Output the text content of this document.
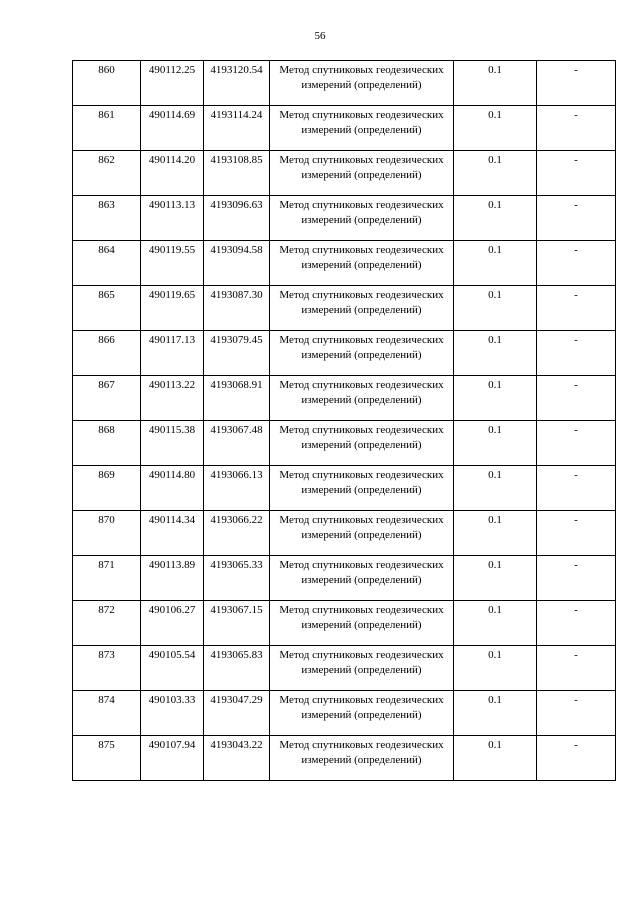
56
860	490112.25	4193120.54	Метод спутниковых геодезических измерений (определений)	0.1	-
861	490114.69	4193114.24	Метод спутниковых геодезических измерений (определений)	0.1	-
862	490114.20	4193108.85	Метод спутниковых геодезических измерений (определений)	0.1	-
863	490113.13	4193096.63	Метод спутниковых геодезических измерений (определений)	0.1	-
864	490119.55	4193094.58	Метод спутниковых геодезических измерений (определений)	0.1	-
865	490119.65	4193087.30	Метод спутниковых геодезических измерений (определений)	0.1	-
866	490117.13	4193079.45	Метод спутниковых геодезических измерений (определений)	0.1	-
867	490113.22	4193068.91	Метод спутниковых геодезических измерений (определений)	0.1	-
868	490115.38	4193067.48	Метод спутниковых геодезических измерений (определений)	0.1	-
869	490114.80	4193066.13	Метод спутниковых геодезических измерений (определений)	0.1	-
870	490114.34	4193066.22	Метод спутниковых геодезических измерений (определений)	0.1	-
871	490113.89	4193065.33	Метод спутниковых геодезических измерений (определений)	0.1	-
872	490106.27	4193067.15	Метод спутниковых геодезических измерений (определений)	0.1	-
873	490105.54	4193065.83	Метод спутниковых геодезических измерений (определений)	0.1	-
874	490103.33	4193047.29	Метод спутниковых геодезических измерений (определений)	0.1	-
875	490107.94	4193043.22	Метод спутниковых геодезических измерений (определений)	0.1	-
